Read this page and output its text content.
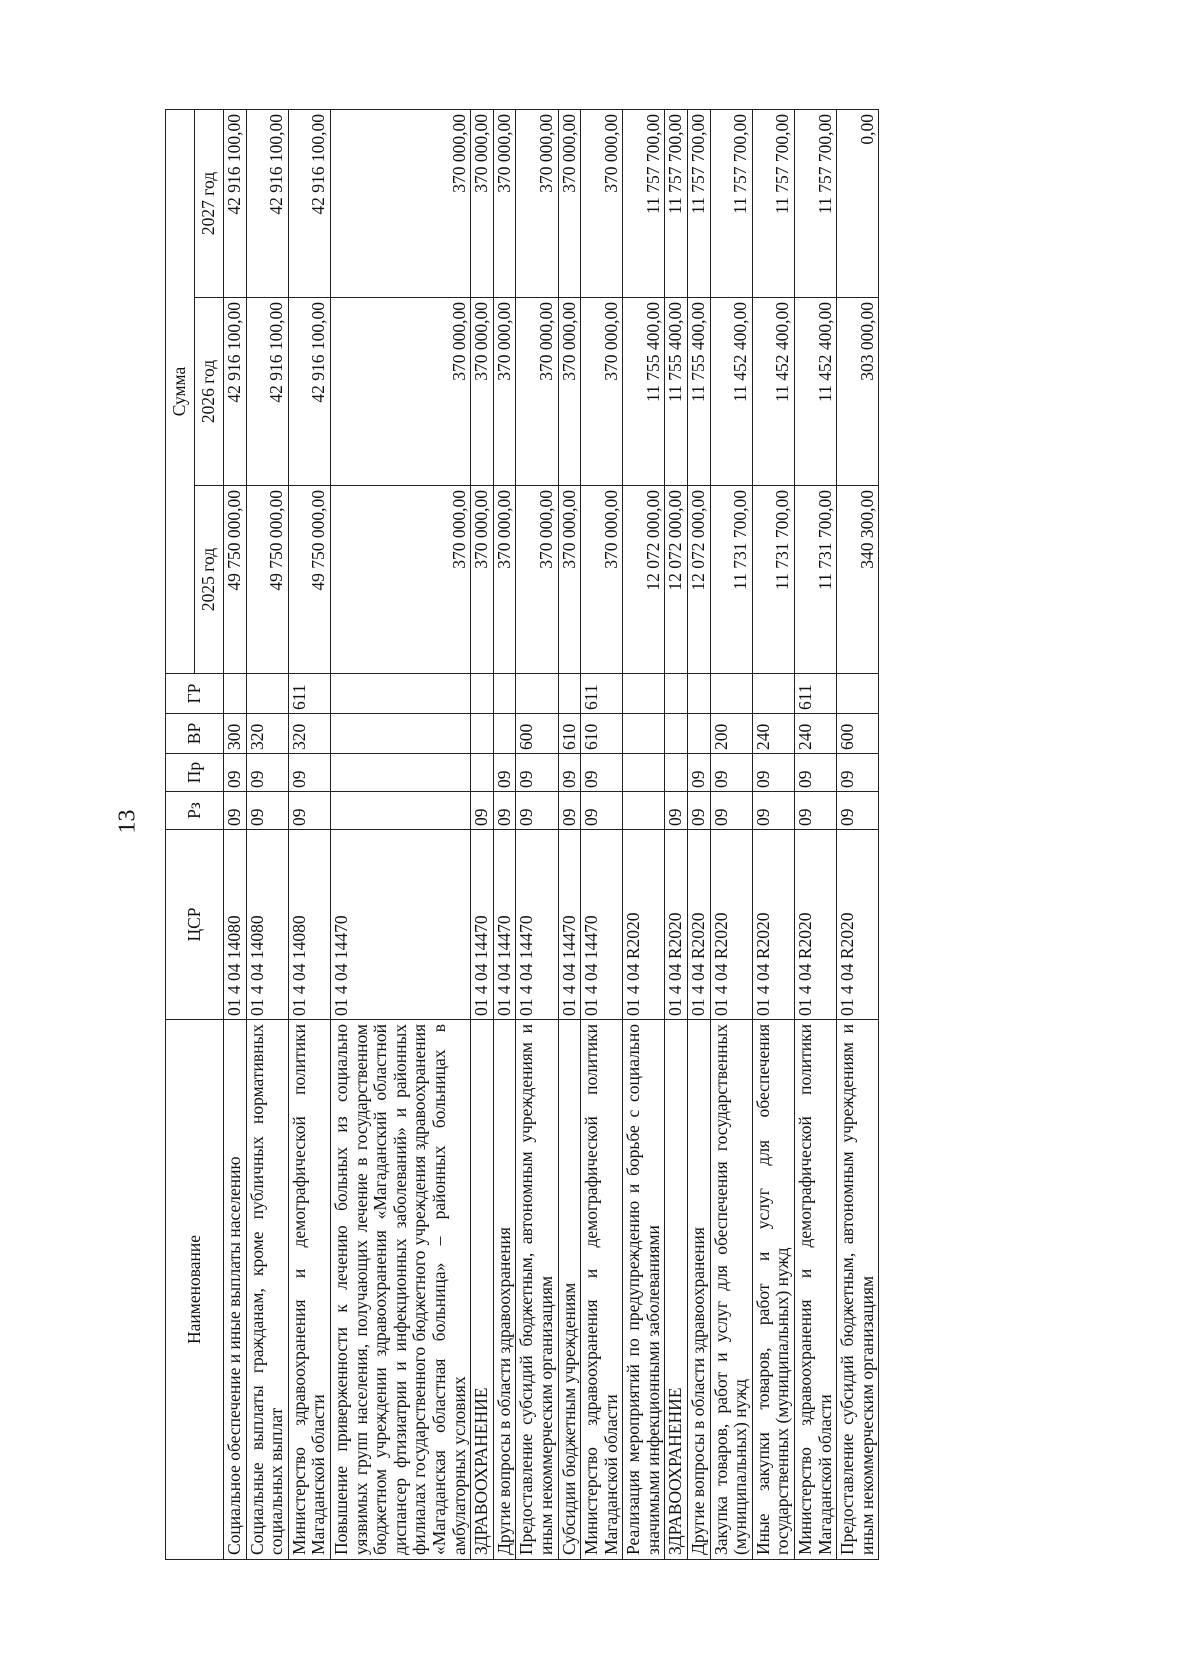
13
Наименование	ЦСР	Рз	Пр	ВР	ГР	Сумма		
						2025 год	2026 год	2027 год
Социальное обеспечение и иные выплаты населению	01 4 04 14080	09	09	300		49 750 000,00	42 916 100,00	42 916 100,00
Социальные выплаты гражданам, кроме публичных нормативных социальных выплат	01 4 04 14080	09	09	320		49 750 000,00	42 916 100,00	42 916 100,00
Министерство здравоохранения и демографической политики Магаданской области	01 4 04 14080	09	09	320	611	49 750 000,00	42 916 100,00	42 916 100,00
Повышение приверженности к лечению больных из социально уязвимых групп населения, получающих лечение в государственном бюджетном учреждении здравоохранения «Магаданский областной диспансер фтизиатрии и инфекционных заболеваний» и районных филиалах государственного бюджетного учреждения здравоохранения «Магаданская областная больница» – районных больницах в амбулаторных условиях	01 4 04 14470					370 000,00	370 000,00	370 000,00
ЗДРАВООХРАНЕНИЕ	01 4 04 14470	09				370 000,00	370 000,00	370 000,00
Другие вопросы в области здравоохранения	01 4 04 14470	09	09			370 000,00	370 000,00	370 000,00
Предоставление субсидий бюджетным, автономным учреждениям и иным некоммерческим организациям	01 4 04 14470	09	09	600		370 000,00	370 000,00	370 000,00
Субсидии бюджетным учреждениям	01 4 04 14470	09	09	610		370 000,00	370 000,00	370 000,00
Министерство здравоохранения и демографической политики Магаданской области	01 4 04 14470	09	09	610	611	370 000,00	370 000,00	370 000,00
Реализация мероприятий по предупреждению и борьбе с социально значимыми инфекционными заболеваниями	01 4 04 R2020					12 072 000,00	11 755 400,00	11 757 700,00
ЗДРАВООХРАНЕНИЕ	01 4 04 R2020	09				12 072 000,00	11 755 400,00	11 757 700,00
Другие вопросы в области здравоохранения	01 4 04 R2020	09	09			12 072 000,00	11 755 400,00	11 757 700,00
Закупка товаров, работ и услуг для обеспечения государственных (муниципальных) нужд	01 4 04 R2020	09	09	200		11 731 700,00	11 452 400,00	11 757 700,00
Иные закупки товаров, работ и услуг для обеспечения государственных (муниципальных) нужд	01 4 04 R2020	09	09	240		11 731 700,00	11 452 400,00	11 757 700,00
Министерство здравоохранения и демографической политики Магаданской области	01 4 04 R2020	09	09	240	611	11 731 700,00	11 452 400,00	11 757 700,00
Предоставление субсидий бюджетным, автономным учреждениям и иным некоммерческим организациям	01 4 04 R2020	09	09	600		340 300,00	303 000,00	0,00
